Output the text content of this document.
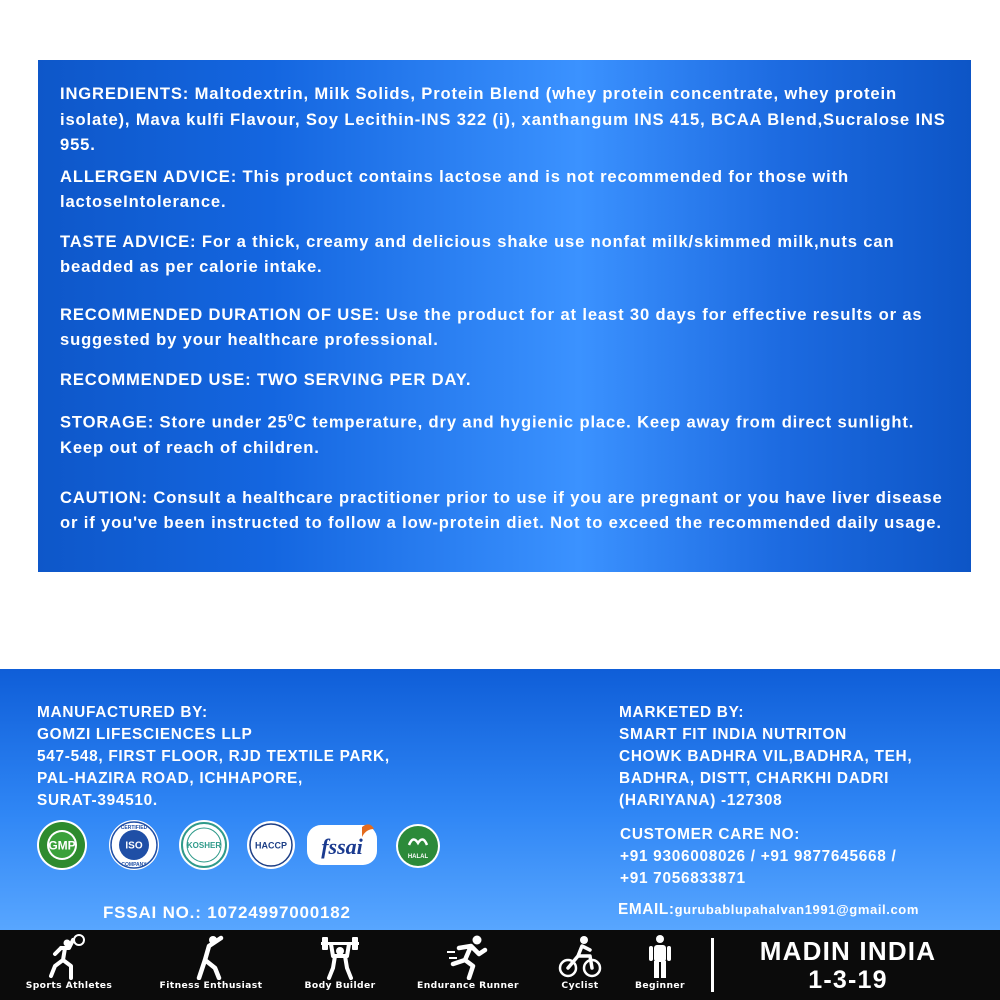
INGREDIENTS: Maltodextrin, Milk Solids, Protein Blend (whey protein concentrate, whey protein isolate), Mava kulfi Flavour, Soy Lecithin-INS 322 (i), xanthangum INS 415, BCAA Blend,Sucralose INS 955.

ALLERGEN ADVICE: This product contains lactose and is not recommended for those with lactoseIntolerance.

TASTE ADVICE: For a thick, creamy and delicious shake use nonfat milk/skimmed milk,nuts can beadded as per calorie intake.

RECOMMENDED DURATION OF USE: Use the product for at least 30 days for effective results or as suggested by your healthcare professional.

RECOMMENDED USE: TWO SERVING PER DAY.

STORAGE: Store under $25^0C$ temperature, dry and hygienic place. Keep away from direct sunlight. Keep out of reach of children.

CAUTION: Consult a healthcare practitioner prior to use if you are pregnant or you have liver disease or if you've been instructed to follow a low-protein diet. Not to exceed the recommended daily usage.

MANUFACTURED BY:
GOMZI LIFESCIENCES LLP
547-548, FIRST FLOOR, RJD TEXTILE PARK,
PAL-HAZIRA ROAD, ICHHAPORE,
SURAT-394510.
MARKETED BY:
SMART FIT INDIA NUTRITON
CHOWK BADHRA VIL,BADHRA, TEH,
BADHRA, DISTT, CHARKHI DADRI
(HARIYANA) -127308
CUSTOMER CARE NO:
+91 9306008026 / +91 9877645668 /
+91 7056833871
EMAIL:gurubablupahalvan1991@gmail.com
FSSAI NO.: 10724997000182
GMP	ISO
CERTIFIED
COMPANY
KOSHER	HACCP fssai	HALAL
Sports Athletes	Fitness Enthusiast	Body Builder	Endurance Runner	Cyclist	Beginner
MADIN INDIA
1-3-19
